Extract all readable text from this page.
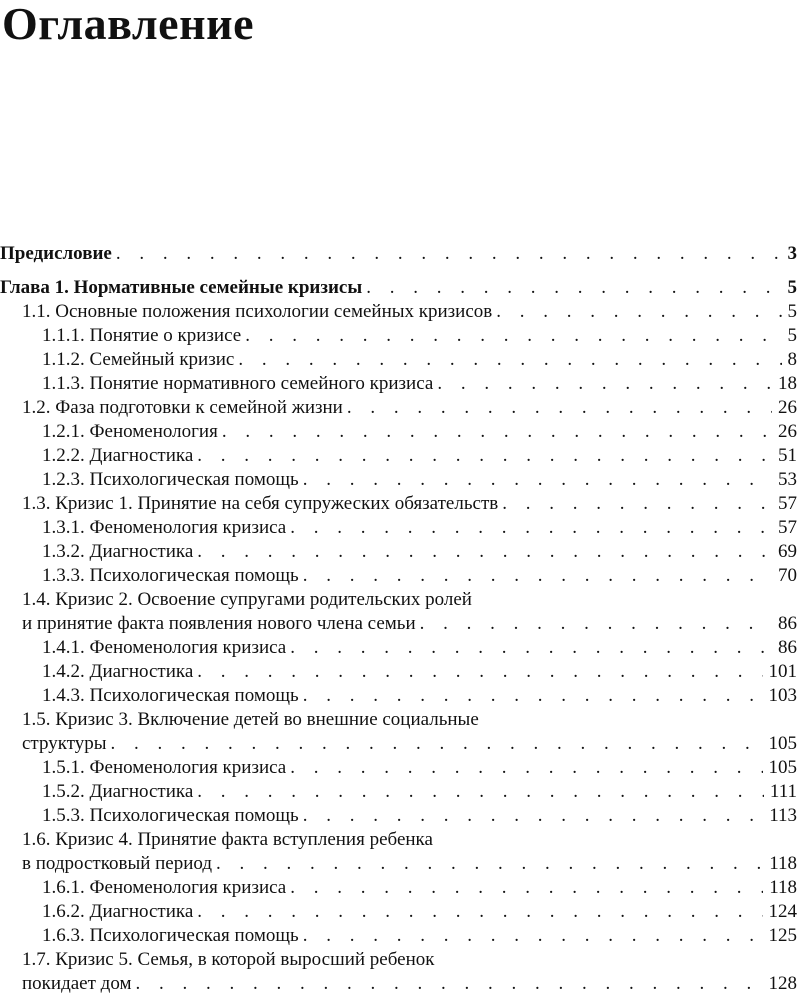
Оглавление
Предисловие . . .	3
Глава 1. Нормативные семейные кризисы . . .	5
1.1. Основные положения психологии семейных кризисов . . .	5
1.1.1. Понятие о кризисе . . .	5
1.1.2. Семейный кризис . . .	8
1.1.3. Понятие нормативного семейного кризиса . . .	18
1.2. Фаза подготовки к семейной жизни . . .	26
1.2.1. Феноменология . . .	26
1.2.2. Диагностика . . .	51
1.2.3. Психологическая помощь . . .	53
1.3. Кризис 1. Принятие на себя супружеских обязательств . . .	57
1.3.1. Феноменология кризиса . . .	57
1.3.2. Диагностика . . .	69
1.3.3. Психологическая помощь . . .	70
1.4. Кризис 2. Освоение супругами родительских ролей
и принятие факта появления нового члена семьи . . .	86
1.4.1. Феноменология кризиса . . .	86
1.4.2. Диагностика . . .	101
1.4.3. Психологическая помощь . . .	103
1.5. Кризис 3. Включение детей во внешние социальные
структуры . . .	105
1.5.1. Феноменология кризиса . . .	105
1.5.2. Диагностика . . .	111
1.5.3. Психологическая помощь . . .	113
1.6. Кризис 4. Принятие факта вступления ребенка
в подростковый период . . .	118
1.6.1. Феноменология кризиса . . .	118
1.6.2. Диагностика . . .	124
1.6.3. Психологическая помощь . . .	125
1.7. Кризис 5. Семья, в которой выросший ребенок
покидает дом . . .	128
